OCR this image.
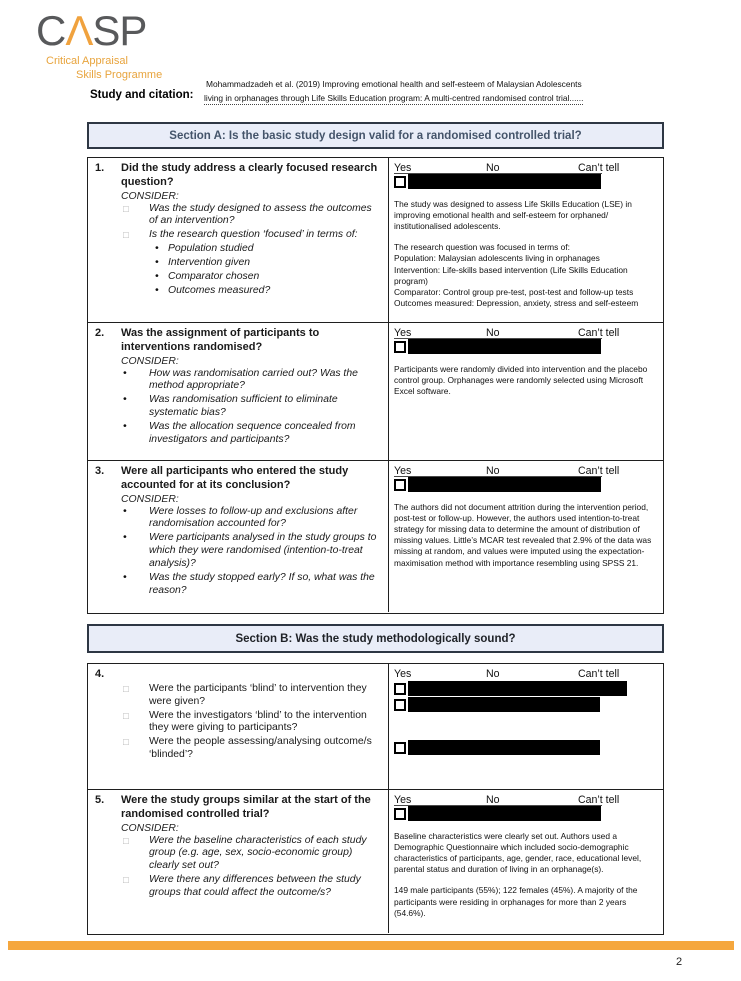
CΛSP
Critical Appraisal
Skills Programme
Study and citation:
Mohammadzadeh et al. (2019) Improving emotional health and self-esteem of Malaysian Adolescents
living in orphanages through Life Skills Education program: A multi-centred randomised control trial......
Section A: Is the basic study design valid for a randomised controlled trial?
1.	Did the study address a clearly focused research question?
CONSIDER:
□	Was the study designed to assess the outcomes of an intervention?
□	Is the research question ‘focused’ in terms of:
• Population studied
• Intervention given
• Comparator chosen
• Outcomes measured?
Yes	No	Can’t tell
The study was designed to assess Life Skills Education (LSE) in improving emotional health and self-esteem for orphaned/ institutionalised adolescents.
The research question was focused in terms of:
Population: Malaysian adolescents living in orphanages
Intervention: Life-skills based intervention (Life Skills Education program)
Comparator: Control group pre-test, post-test and follow-up tests
Outcomes measured: Depression, anxiety, stress and self-esteem
2.	Was the assignment of participants to interventions randomised?
CONSIDER:
•	How was randomisation carried out? Was the method appropriate?
•	Was randomisation sufficient to eliminate systematic bias?
•	Was the allocation sequence concealed from investigators and participants?
Yes	No	Can’t tell
Participants were randomly divided into intervention and the placebo control group. Orphanages were randomly selected using Microsoft Excel software.
3.	Were all participants who entered the study accounted for at its conclusion?
CONSIDER:
•	Were losses to follow-up and exclusions after randomisation accounted for?
•	Were participants analysed in the study groups to which they were randomised (intention-to-treat analysis)?
•	Was the study stopped early? If so, what was the reason?
Yes	No	Can’t tell
The authors did not document attrition during the intervention period, post-test or follow-up. However, the authors used intention-to-treat strategy for missing data to determine the amount of distribution of missing values. Little’s MCAR test revealed that 2.9% of the data was missing at random, and values were imputed using the expectation-maximisation method with importance resembling using SPSS 21.
Section B: Was the study methodologically sound?
4.
□	Were the participants ‘blind’ to intervention they were given?
□	Were the investigators ‘blind’ to the intervention they were giving to participants?
□	Were the people assessing/analysing outcome/s ‘blinded’?
Yes	No	Can’t tell
5.	Were the study groups similar at the start of the randomised controlled trial?
CONSIDER:
□	Were the baseline characteristics of each study group (e.g. age, sex, socio-economic group) clearly set out?
□	Were there any differences between the study groups that could affect the outcome/s?
Yes	No	Can’t tell
Baseline characteristics were clearly set out. Authors used a Demographic Questionnaire which included socio-demographic characteristics of participants, age, gender, race, educational level, parental status and duration of living in an orphanage(s).
149 male participants (55%); 122 females (45%). A majority of the participants were residing in orphanages for more than 2 years (54.6%).
2
